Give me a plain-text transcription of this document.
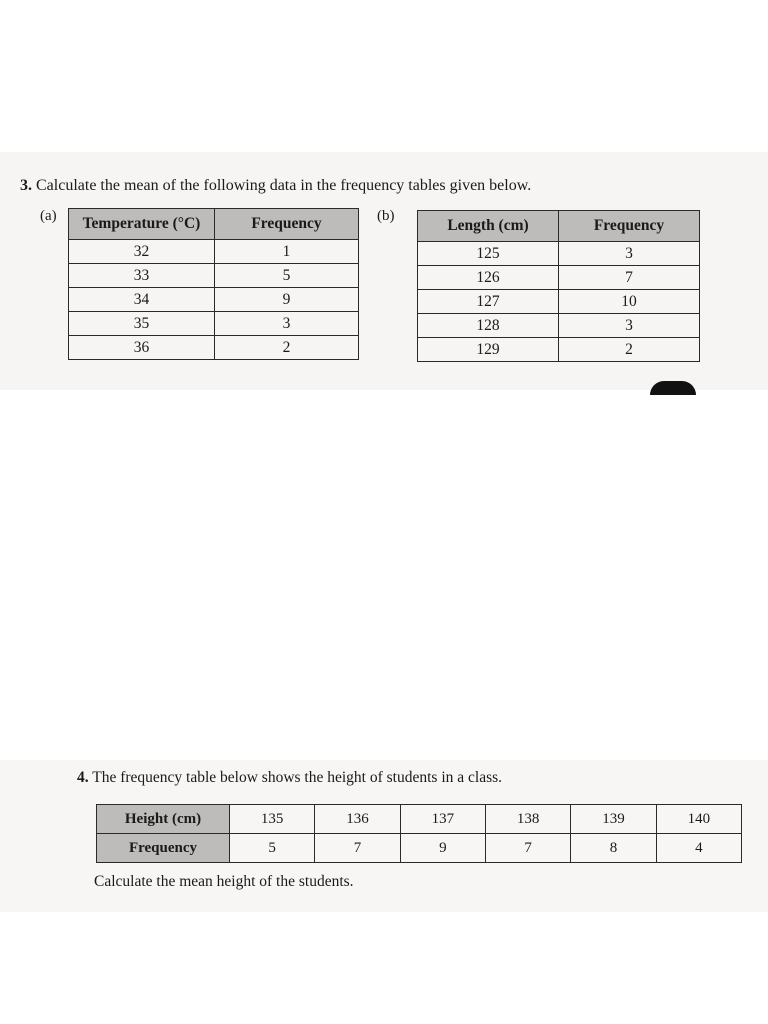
3. Calculate the mean of the following data in the frequency tables given below.
(a) Temperature (°C)	Frequency
32	1
33	5
34	9
35	3
36	2
(b)
Length (cm)	Frequency
125	3
126	7
127	10
128	3
129	2
4. The frequency table below shows the height of students in a class.
Height (cm)	135	136	137	138	139	140
Frequency	5	7	9	7	8	4
Calculate the mean height of the students.
